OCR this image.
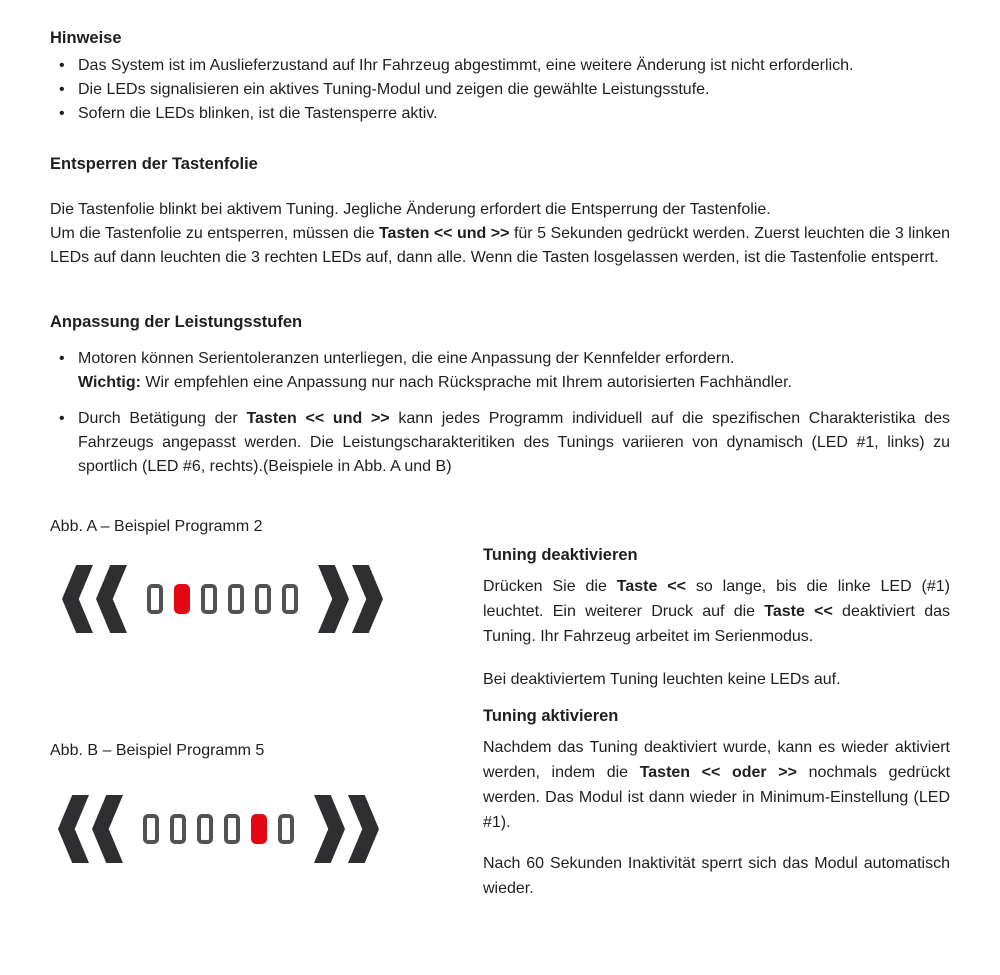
Hinweise
• Das System ist im Auslieferzustand auf Ihr Fahrzeug abgestimmt, eine weitere Änderung ist nicht erforderlich.
• Die LEDs signalisieren ein aktives Tuning-Modul und zeigen die gewählte Leistungsstufe.
• Sofern die LEDs blinken, ist die Tastensperre aktiv.
Entsperren der Tastenfolie
Die Tastenfolie blinkt bei aktivem Tuning. Jegliche Änderung erfordert die Entsperrung der Tastenfolie.
Um die Tastenfolie zu entsperren, müssen die Tasten << und >> für 5 Sekunden gedrückt werden. Zuerst leuchten die 3 linken LEDs auf dann leuchten die 3 rechten LEDs auf, dann alle. Wenn die Tasten losgelassen werden, ist die Tastenfolie entsperrt.
Anpassung der Leistungsstufen
• Motoren können Serientoleranzen unterliegen, die eine Anpassung der Kennfelder erfordern.
Wichtig: Wir empfehlen eine Anpassung nur nach Rücksprache mit Ihrem autorisierten Fachhändler.
• Durch Betätigung der Tasten << und >> kann jedes Programm individuell auf die spezifischen Charakteristika des Fahrzeugs angepasst werden. Die Leistungscharakteritiken des Tunings variieren von dynamisch (LED #1, links) zu sportlich (LED #6, rechts).(Beispiele in Abb. A und B)
Abb. A – Beispiel Programm 2
Abb. B – Beispiel Programm 5
Tuning deaktivieren
Drücken Sie die Taste << so lange, bis die linke LED (#1) leuchtet. Ein weiterer Druck auf die Taste << deaktiviert das Tuning. Ihr Fahrzeug arbeitet im Serienmodus.
Bei deaktiviertem Tuning leuchten keine LEDs auf.
Tuning aktivieren
Nachdem das Tuning deaktiviert wurde, kann es wieder aktiviert werden, indem die Tasten << oder >> nochmals gedrückt werden. Das Modul ist dann wieder in Minimum-Einstellung (LED #1).
Nach 60 Sekunden Inaktivität sperrt sich das Modul automatisch wieder.
